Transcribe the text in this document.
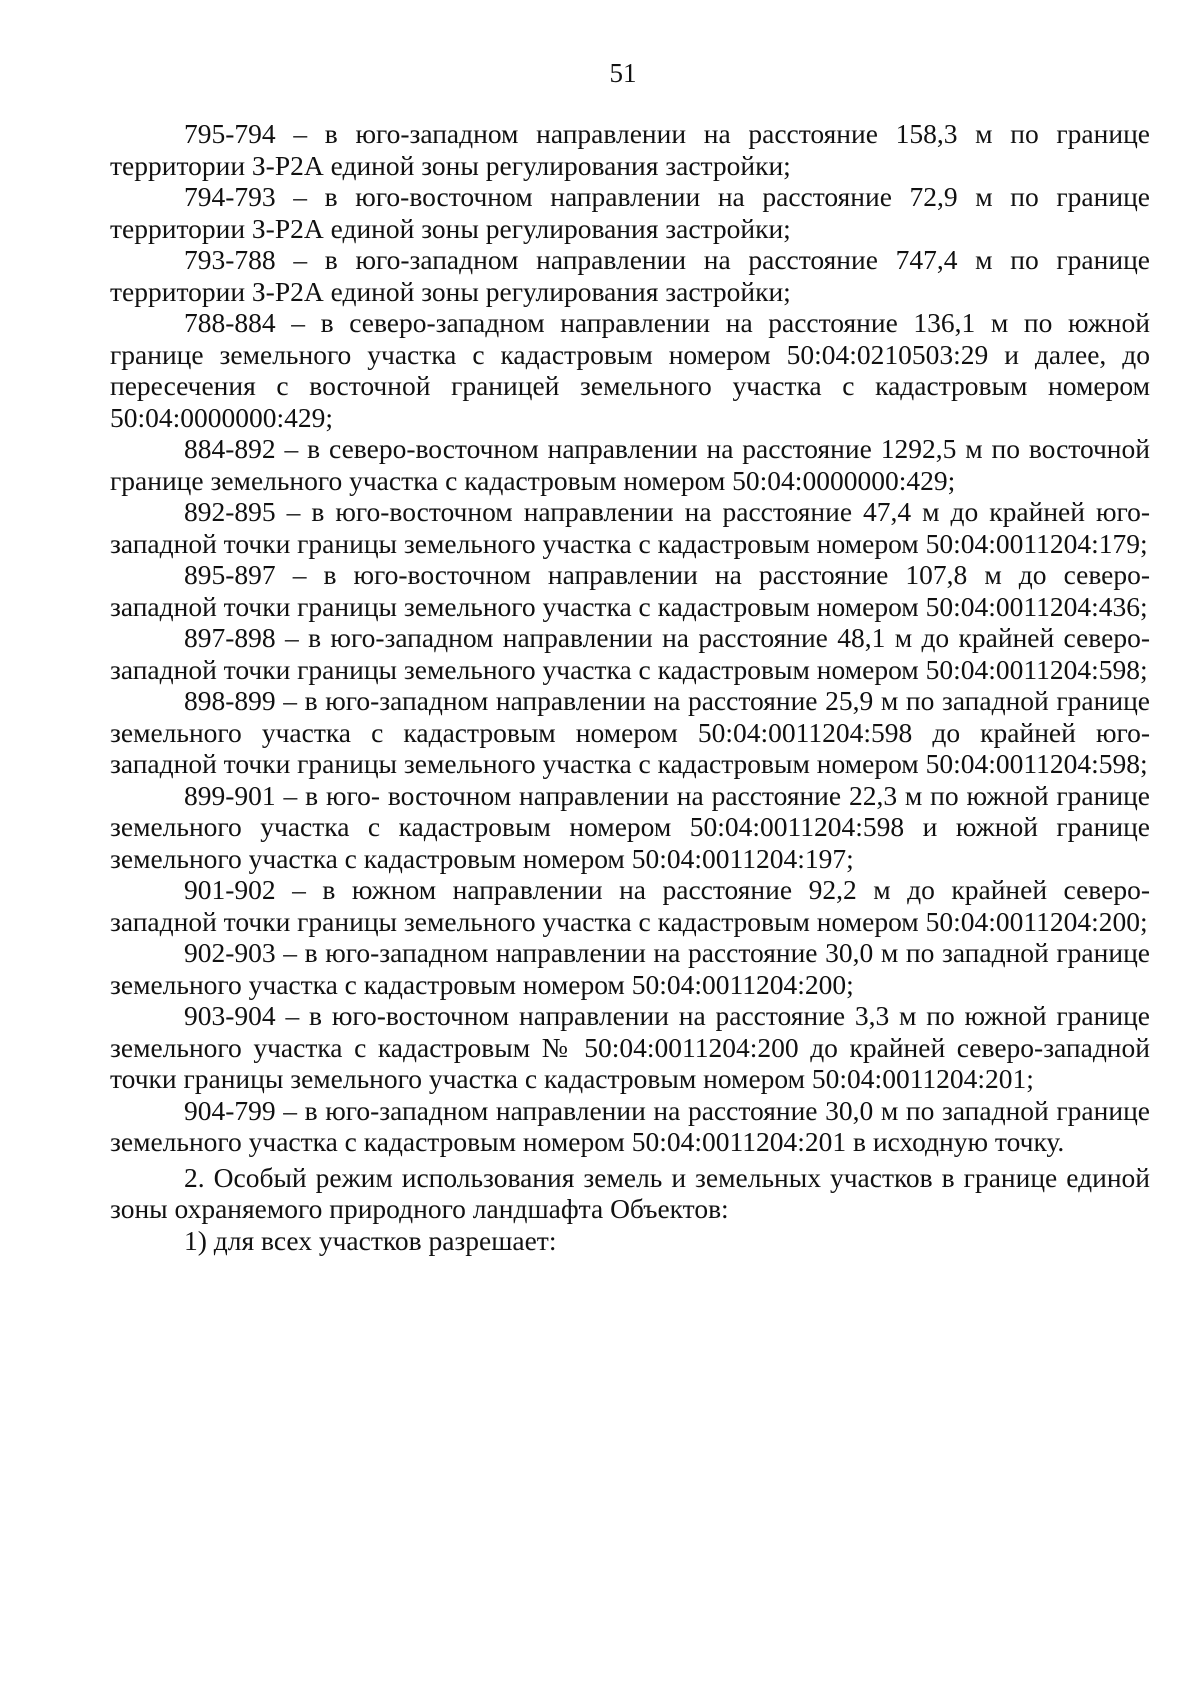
51

795-794 – в юго-западном направлении на расстояние 158,3 м по границе территории З-Р2А единой зоны регулирования застройки;

794-793 – в юго-восточном направлении на расстояние 72,9 м по границе территории З-Р2А единой зоны регулирования застройки;

793-788 – в юго-западном направлении на расстояние 747,4 м по границе территории З-Р2А единой зоны регулирования застройки;

788-884 – в северо-западном направлении на расстояние 136,1 м по южной границе земельного участка с кадастровым номером 50:04:0210503:29 и далее, до пересечения с восточной границей земельного участка с кадастровым номером 50:04:0000000:429;

884-892 – в северо-восточном направлении на расстояние 1292,5 м по восточной границе земельного участка с кадастровым номером 50:04:0000000:429;

892-895 – в юго-восточном направлении на расстояние 47,4 м до крайней юго-западной точки границы земельного участка с кадастровым номером 50:04:0011204:179;

895-897 – в юго-восточном направлении на расстояние 107,8 м до северо-западной точки границы земельного участка с кадастровым номером 50:04:0011204:436;

897-898 – в юго-западном направлении на расстояние 48,1 м до крайней северо-западной точки границы земельного участка с кадастровым номером 50:04:0011204:598;

898-899 – в юго-западном направлении на расстояние 25,9 м по западной границе земельного участка с кадастровым номером 50:04:0011204:598 до крайней юго-западной точки границы земельного участка с кадастровым номером 50:04:0011204:598;

899-901 – в юго- восточном направлении на расстояние 22,3 м по южной границе земельного участка с кадастровым номером 50:04:0011204:598 и южной границе земельного участка с кадастровым номером 50:04:0011204:197;

901-902 – в южном направлении на расстояние 92,2 м до крайней северо-западной точки границы земельного участка с кадастровым номером 50:04:0011204:200;

902-903 – в юго-западном направлении на расстояние 30,0 м по западной границе земельного участка с кадастровым номером 50:04:0011204:200;

903-904 – в юго-восточном направлении на расстояние 3,3 м по южной границе земельного участка с кадастровым № 50:04:0011204:200 до крайней северо-западной точки границы земельного участка с кадастровым номером 50:04:0011204:201;

904-799 – в юго-западном направлении на расстояние 30,0 м по западной границе земельного участка с кадастровым номером 50:04:0011204:201 в исходную точку.

2. Особый режим использования земель и земельных участков в границе единой зоны охраняемого природного ландшафта Объектов:

1) для всех участков разрешает:
